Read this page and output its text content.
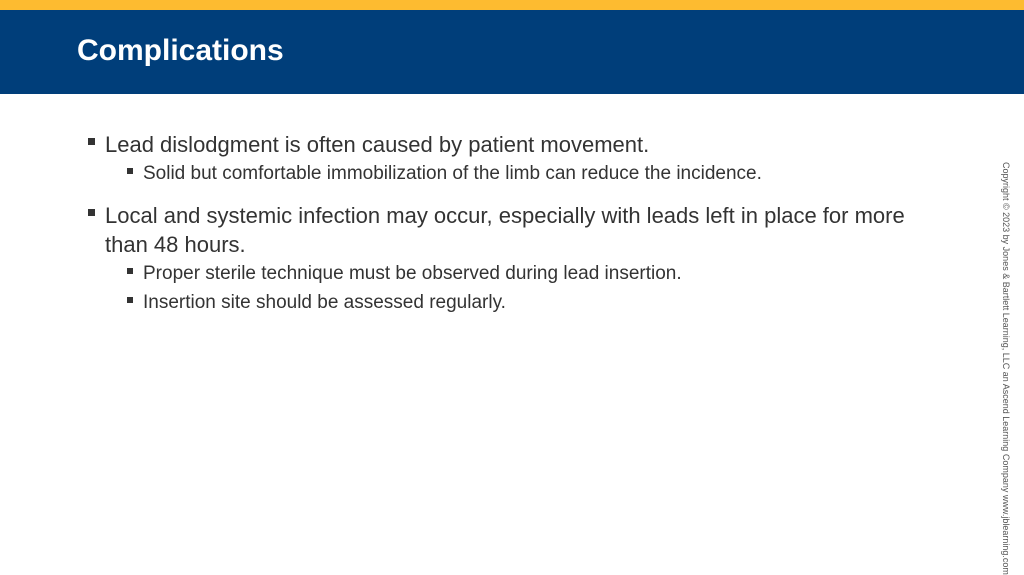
Complications
Lead dislodgment is often caused by patient movement.
Solid but comfortable immobilization of the limb can reduce the incidence.
Local and systemic infection may occur, especially with leads left in place for more than 48 hours.
Proper sterile technique must be observed during lead insertion.
Insertion site should be assessed regularly.	Copyright © 2023 by Jones & Bartlett Learning, LLC an Ascend Learning Company www.jblearning.com
